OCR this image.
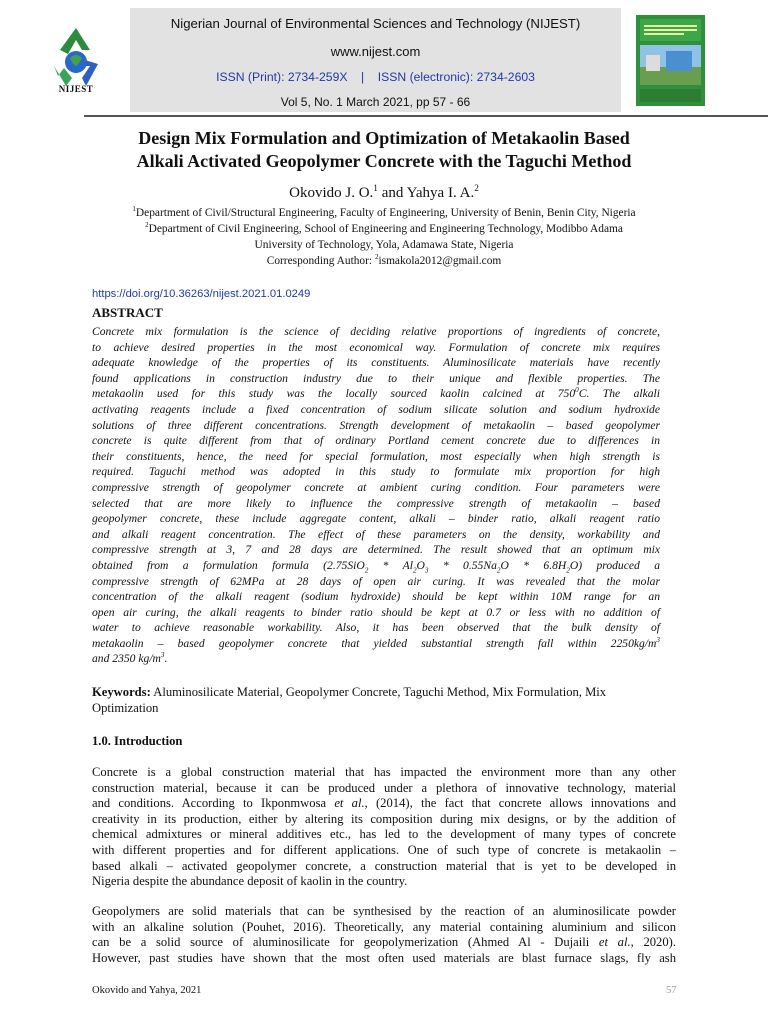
NIJEST
Nigerian Journal of Environmental Sciences and Technology (NIJEST)
www.nijest.com
ISSN (Print): 2734-259X | ISSN (electronic): 2734-2603
Vol 5, No. 1 March 2021, pp 57 - 66
Design Mix Formulation and Optimization of Metakaolin Based
Alkali Activated Geopolymer Concrete with the Taguchi Method
Okovido J. O.$^1$ and Yahya I. A.$^2$
$^1$Department of Civil/Structural Engineering, Faculty of Engineering, University of Benin, Benin City, Nigeria
$^2$Department of Civil Engineering, School of Engineering and Engineering Technology, Modibbo Adama
University of Technology, Yola, Adamawa State, Nigeria
Corresponding Author: $^2$ismakola2012@gmail.com
https://doi.org/10.36263/nijest.2021.01.0249
ABSTRACT
Concrete mix formulation is the science of deciding relative proportions of ingredients of concrete,
to achieve desired properties in the most economical way. Formulation of concrete mix requires
adequate knowledge of the properties of its constituents. Aluminosilicate materials have recently
found applications in construction industry due to their unique and flexible properties. The
metakaolin used for this study was the locally sourced kaolin calcined at $750^0C$. The alkali
activating reagents include a fixed concentration of sodium silicate solution and sodium hydroxide
solutions of three different concentrations. Strength development of metakaolin – based geopolymer
concrete is quite different from that of ordinary Portland cement concrete due to differences in
their constituents, hence, the need for special formulation, most especially when high strength is
required. Taguchi method was adopted in this study to formulate mix proportion for high
compressive strength of geopolymer concrete at ambient curing condition. Four parameters were
selected that are more likely to influence the compressive strength of metakaolin – based
geopolymer concrete, these include aggregate content, alkali – binder ratio, alkali reagent ratio
and alkali reagent concentration. The effect of these parameters on the density, workability and
compressive strength at 3, 7 and 28 days are determined. The result showed that an optimum mix
obtained from a formulation formula $(2.75SiO_2 * Al_2O_3 * 0.55Na_2O * 6.8H_2O)$ produced a
compressive strength of 62MPa at 28 days of open air curing. It was revealed that the molar
concentration of the alkali reagent (sodium hydroxide) should be kept within 10M range for an
open air curing, the alkali reagents to binder ratio should be kept at 0.7 or less with no addition of
water to achieve reasonable workability. Also, it has been observed that the bulk density of
metakaolin – based geopolymer concrete that yielded substantial strength fall within $2250kg/m^3$
and 2350 $kg/m^3$.
Keywords: Aluminosilicate Material, Geopolymer Concrete, Taguchi Method, Mix Formulation, Mix Optimization
1.0. Introduction
Concrete is a global construction material that has impacted the environment more than any other
construction material, because it can be produced under a plethora of innovative technology, material
and conditions. According to Ikponmwosa et al., (2014), the fact that concrete allows innovations and
creativity in its production, either by altering its composition during mix designs, or by the addition of
chemical admixtures or mineral additives etc., has led to the development of many types of concrete
with different properties and for different applications. One of such type of concrete is metakaolin –
based alkali – activated geopolymer concrete, a construction material that is yet to be developed in
Nigeria despite the abundance deposit of kaolin in the country.
Geopolymers are solid materials that can be synthesised by the reaction of an aluminosilicate powder
with an alkaline solution (Pouhet, 2016). Theoretically, any material containing aluminium and silicon
can be a solid source of aluminosilicate for geopolymerization (Ahmed Al - Dujaili et al., 2020).
However, past studies have shown that the most often used materials are blast furnace slags, fly ash
Okovido and Yahya, 2021	57
